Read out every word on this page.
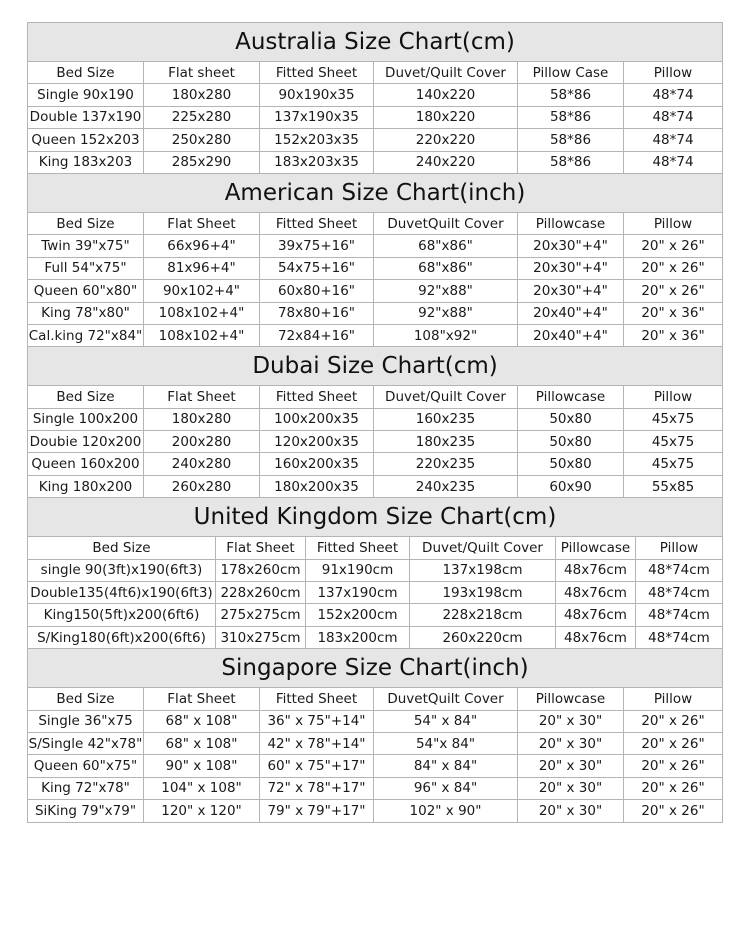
Australia Size Chart(cm)					
Bed Size	Flat sheet	Fitted Sheet	Duvet/Quilt Cover	Pillow Case	Pillow
Single 90x190	180x280	90x190x35	140x220	58*86	48*74
Double 137x190	225x280	137x190x35	180x220	58*86	48*74
Queen 152x203	250x280	152x203x35	220x220	58*86	48*74
King 183x203	285x290	183x203x35	240x220	58*86	48*74
American Size Chart(inch)					
Bed Size	Flat Sheet	Fitted Sheet	DuvetQuilt Cover	Pillowcase	Pillow
Twin 39"x75"	66x96+4"	39x75+16"	68"x86"	20x30"+4"	20" x 26"
Full 54"x75"	81x96+4"	54x75+16"	68"x86"	20x30"+4"	20" x 26"
Queen 60"x80"	90x102+4"	60x80+16"	92"x88"	20x30"+4"	20" x 26"
King 78"x80"	108x102+4"	78x80+16"	92"x88"	20x40"+4"	20" x 36"
Cal.king 72"x84"	108x102+4"	72x84+16"	108"x92"	20x40"+4"	20" x 36"
Dubai Size Chart(cm)					
Bed Size	Flat Sheet	Fitted Sheet	Duvet/Quilt Cover	Pillowcase	Pillow
Single 100x200	180x280	100x200x35	160x235	50x80	45x75
Doubie 120x200	200x280	120x200x35	180x235	50x80	45x75
Queen 160x200	240x280	160x200x35	220x235	50x80	45x75
King 180x200	260x280	180x200x35	240x235	60x90	55x85
United Kingdom Size Chart(cm)					
Bed Size	Flat Sheet	Fitted Sheet	Duvet/Quilt Cover	Pillowcase	Pillow
single 90(3ft)x190(6ft3)	178x260cm	91x190cm	137x198cm	48x76cm	48*74cm
Double135(4ft6)x190(6ft3)	228x260cm	137x190cm	193x198cm	48x76cm	48*74cm
King150(5ft)x200(6ft6)	275x275cm	152x200cm	228x218cm	48x76cm	48*74cm
S/King180(6ft)x200(6ft6)	310x275cm	183x200cm	260x220cm	48x76cm	48*74cm
Singapore Size Chart(inch)					
Bed Size	Flat Sheet	Fitted Sheet	DuvetQuilt Cover	Pillowcase	Pillow
Single 36"x75	68" x 108"	36" x 75"+14"	54" x 84"	20" x 30"	20" x 26"
S/Single 42"x78"	68" x 108"	42" x 78"+14"	54"x 84"	20" x 30"	20" x 26"
Queen 60"x75"	90" x 108"	60" x 75"+17"	84" x 84"	20" x 30"	20" x 26"
King 72"x78"	104" x 108"	72" x 78"+17"	96" x 84"	20" x 30"	20" x 26"
SiKing 79"x79"	120" x 120"	79" x 79"+17"	102" x 90"	20" x 30"	20" x 26"
